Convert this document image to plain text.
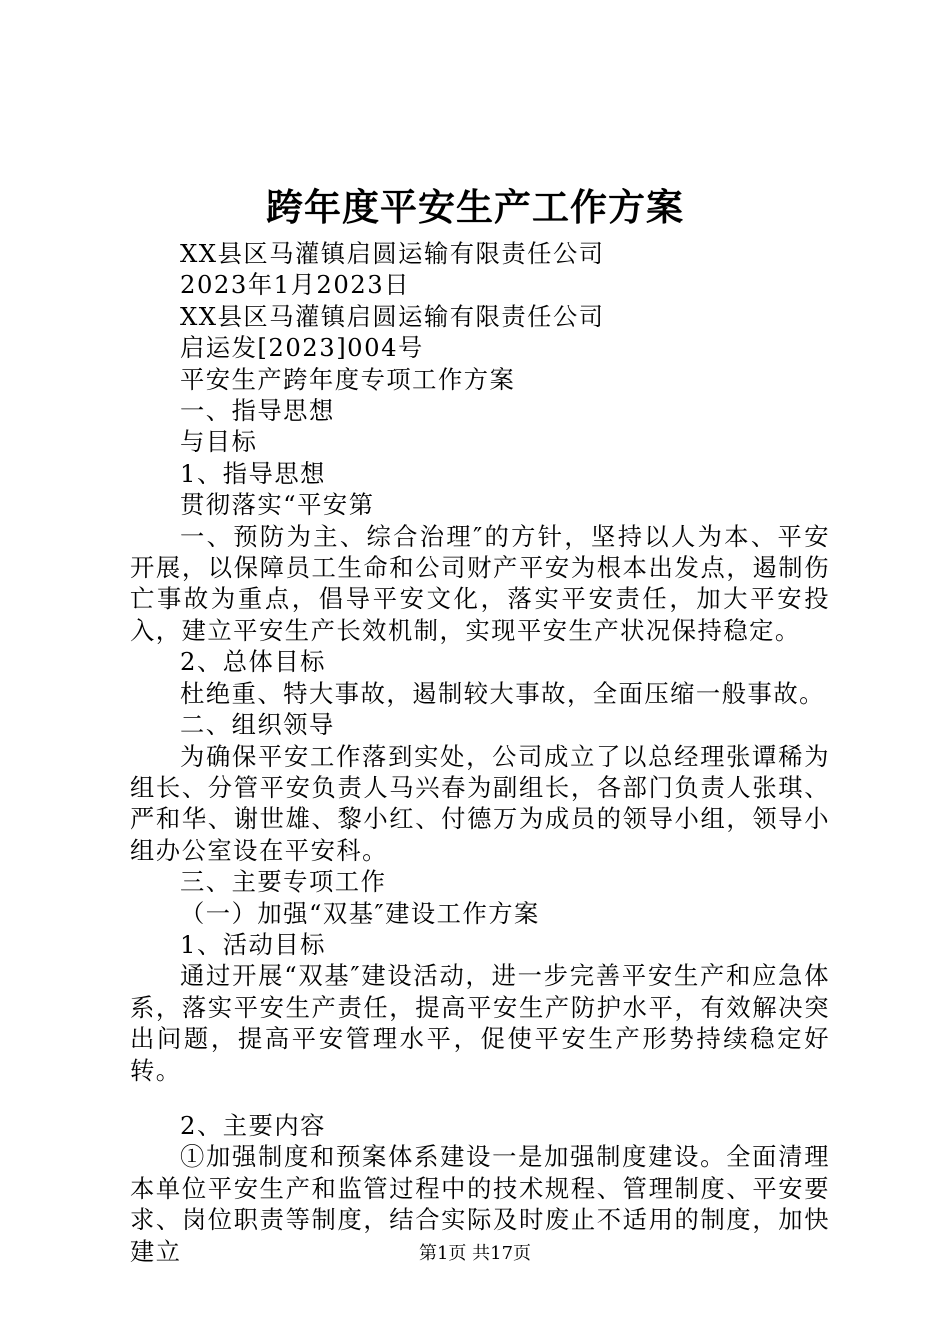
跨年度平安生产工作方案

XX县区马灌镇启圆运输有限责任公司

2023年1月2023日

XX县区马灌镇启圆运输有限责任公司

启运发[2023]004号

平安生产跨年度专项工作方案

一、指导思想

与目标

1、指导思想

贯彻落实“平安第

一、预防为主、综合治理″的方针，坚持以人为本、平安开展，以保障员工生命和公司财产平安为根本出发点，遏制伤亡事故为重点，倡导平安文化，落实平安责任，加大平安投入，建立平安生产长效机制，实现平安生产状况保持稳定。

2、总体目标

杜绝重、特大事故，遏制较大事故，全面压缩一般事故。

二、组织领导

为确保平安工作落到实处，公司成立了以总经理张谭稀为组长、分管平安负责人马兴春为副组长，各部门负责人张琪、严和华、谢世雄、黎小红、付德万为成员的领导小组，领导小组办公室设在平安科。

三、主要专项工作

（一）加强“双基″建设工作方案

1、活动目标

通过开展“双基″建设活动，进一步完善平安生产和应急体系，落实平安生产责任，提高平安生产防护水平，有效解决突出问题，提高平安管理水平，促使平安生产形势持续稳定好转。

2、主要内容

①加强制度和预案体系建设一是加强制度建设。全面清理本单位平安生产和监管过程中的技术规程、管理制度、平安要求、岗位职责等制度，结合实际及时废止不适用的制度，加快建立	第1页 共17页
